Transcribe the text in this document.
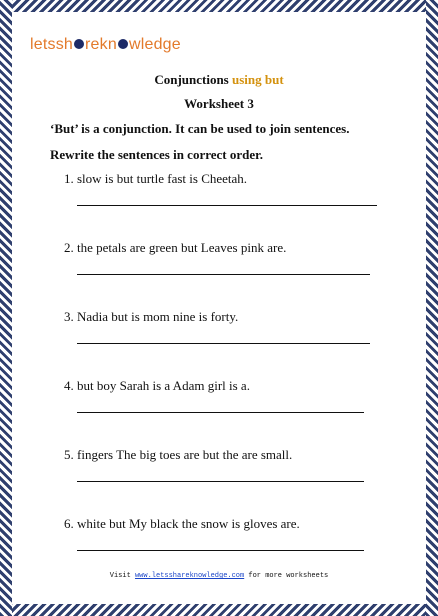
letssh rekn wledge
Conjunctions using but
Worksheet 3
‘But’ is a conjunction. It can be used to join sentences.
Rewrite the sentences in correct order.
1. slow is but turtle fast is Cheetah.
2. the petals are green but Leaves pink are.
3. Nadia but is mom nine is forty.
4. but boy Sarah is a Adam girl is a.
5. fingers The big toes are but the are small.
6. white but My black the snow is gloves are.
Visit www.letsshareknowledge.com for more worksheets
